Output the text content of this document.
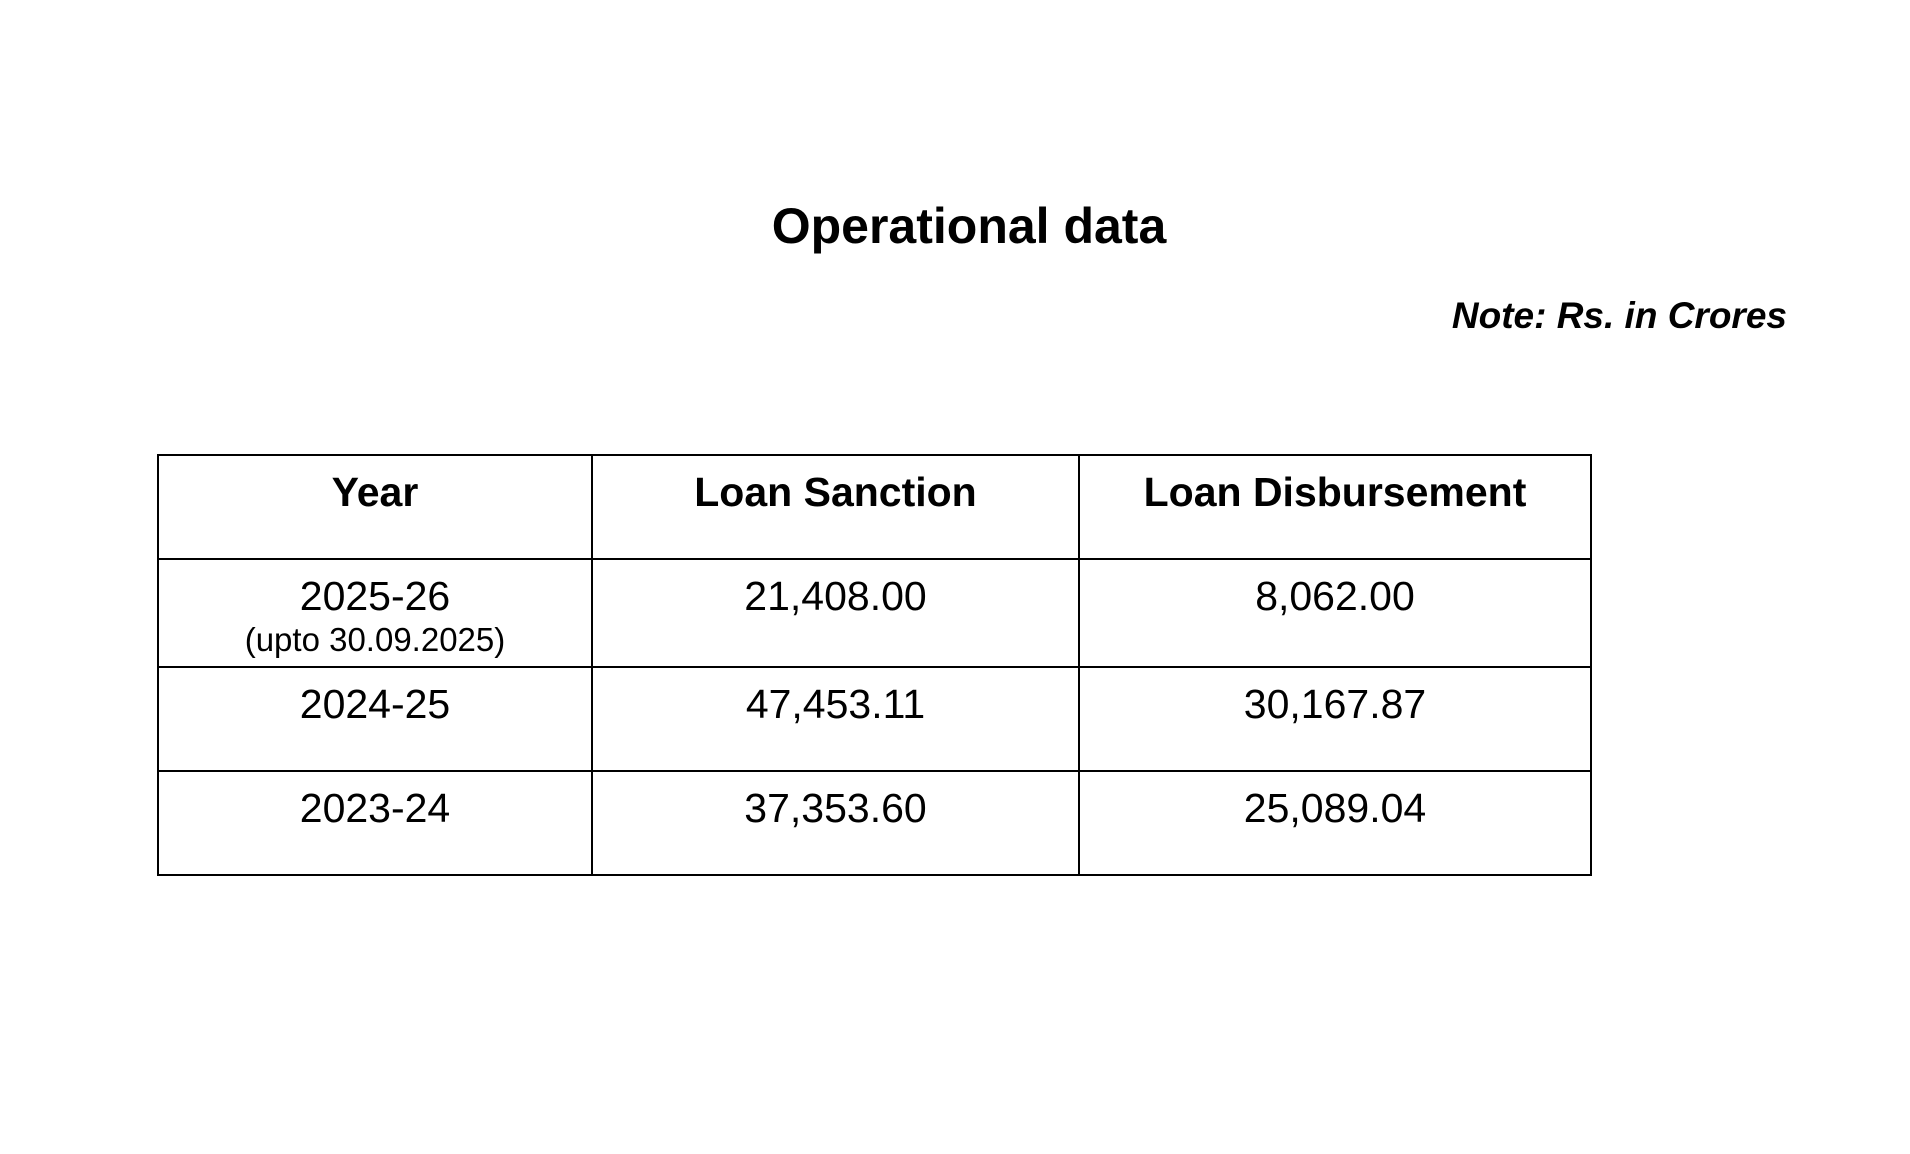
Operational data
Note: Rs. in Crores
Year	Loan Sanction	Loan Disbursement
2025-26
(upto 30.09.2025)	21,408.00	8,062.00
2024-25	47,453.11	30,167.87
2023-24	37,353.60	25,089.04
